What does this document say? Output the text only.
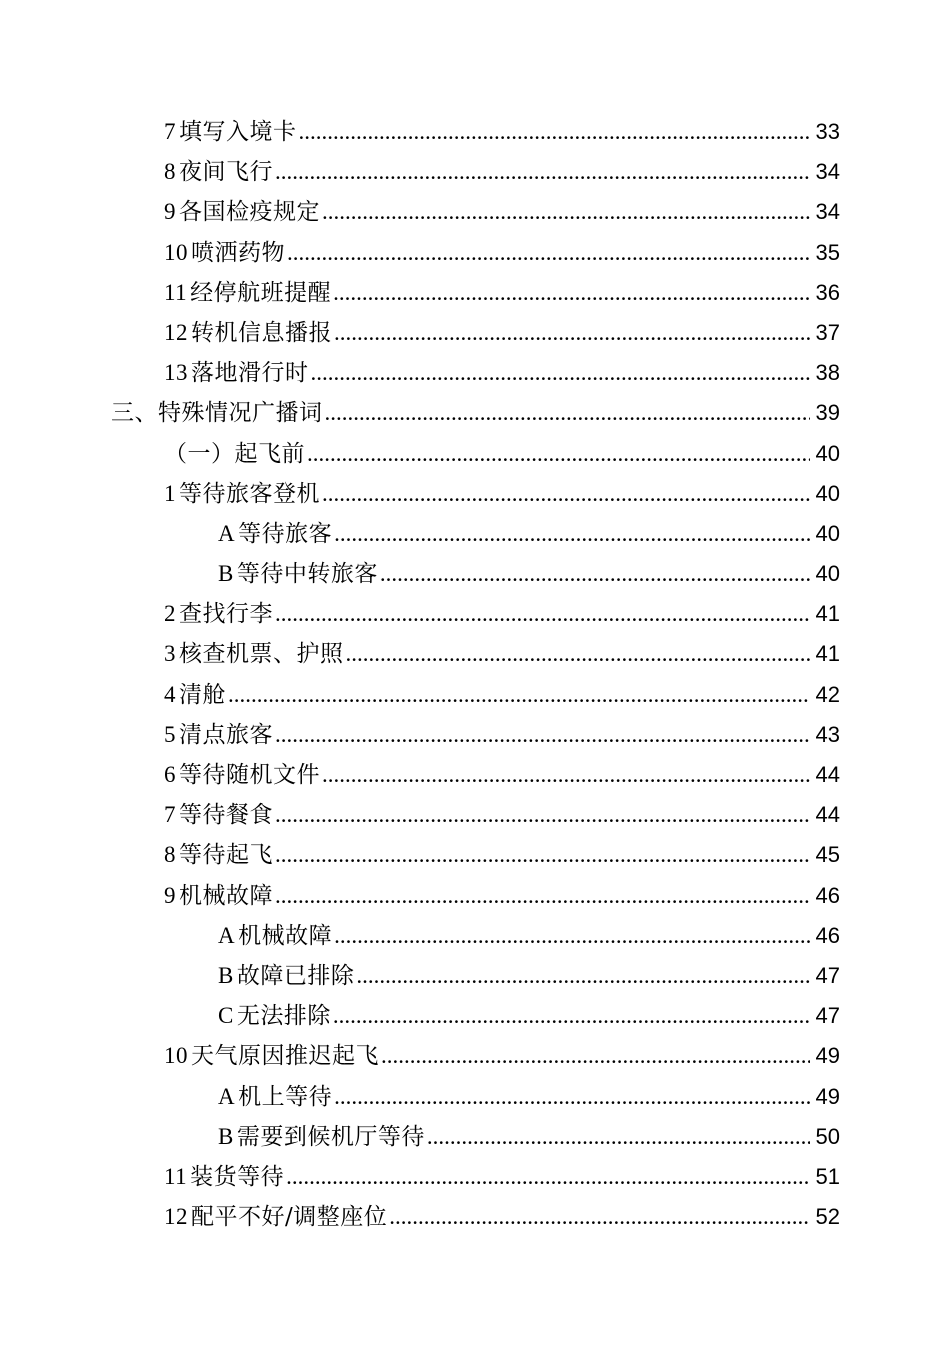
7 填写入境卡 .....	33
8 夜间飞行 .....	34
9 各国检疫规定 .....	34
10 喷洒药物 .....	35
11 经停航班提醒 .....	36
12 转机信息播报 .....	37
13 落地滑行时 .....	38
三、特殊情况广播词 .....	39
（一）起飞前 .....	40
1 等待旅客登机 .....	40
A 等待旅客 .....	40
B 等待中转旅客 .....	40
2 查找行李 .....	41
3 核查机票、护照 .....	41
4 清舱 .....	42
5 清点旅客 .....	43
6 等待随机文件 .....	44
7 等待餐食 .....	44
8 等待起飞 .....	45
9 机械故障 .....	46
A 机械故障 .....	46
B 故障已排除 .....	47
C 无法排除 .....	47
10 天气原因推迟起飞 .....	49
A 机上等待 .....	49
B 需要到候机厅等待 .....	50
11 装货等待 .....	51
12 配平不好/调整座位 .....	52
